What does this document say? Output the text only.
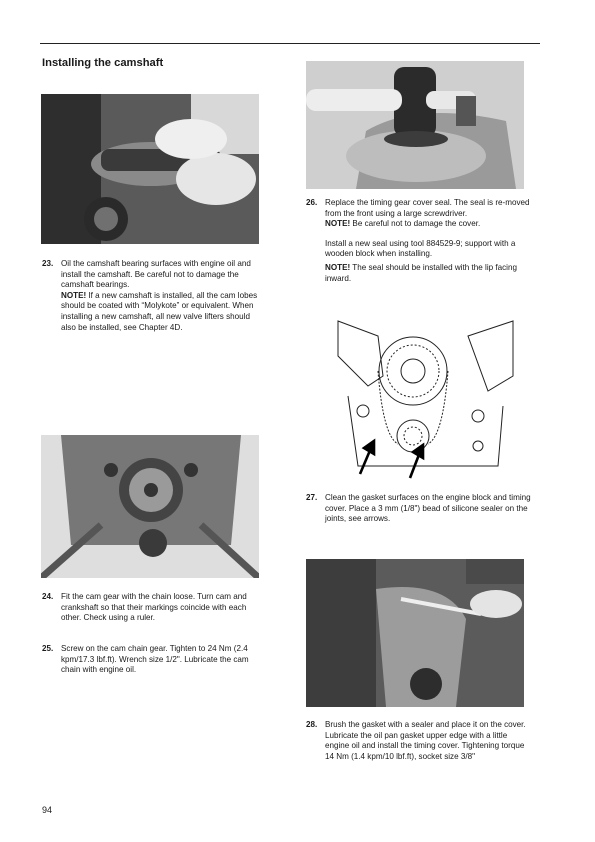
Installing the camshaft
23. Oil the camshaft bearing surfaces with engine oil and install the camshaft. Be careful not to damage the camshaft bearings.

NOTE! If a new camshaft is installed, all the cam lobes should be coated with “Molykote” or equivalent. When installing a new camshaft, all new valve lifters should also be installed, see Chapter 4D.

24. Fit the cam gear with the chain loose. Turn cam and crankshaft so that their markings coincide with each other. Check using a ruler.

25. Screw on the cam chain gear. Tighten to 24 Nm (2.4 kpm/17.3 lbf.ft). Wrench size 1/2". Lubricate the cam chain with engine oil.

26. Replace the timing gear cover seal. The seal is re-moved from the front using a large screwdriver.

NOTE! Be careful not to damage the cover.

Install a new seal using tool 884529-9; support with a wooden block when installing.

NOTE! The seal should be installed with the lip facing inward.

27. Clean the gasket surfaces on the engine block and timing cover. Place a 3 mm (1/8") bead of silicone sealer on the joints, see arrows.

28. Brush the gasket with a sealer and place it on the cover. Lubricate the oil pan gasket upper edge with a little engine oil and install the timing cover. Tightening torque 14 Nm (1.4 kpm/10 lbf.ft), socket size 3/8"

94
